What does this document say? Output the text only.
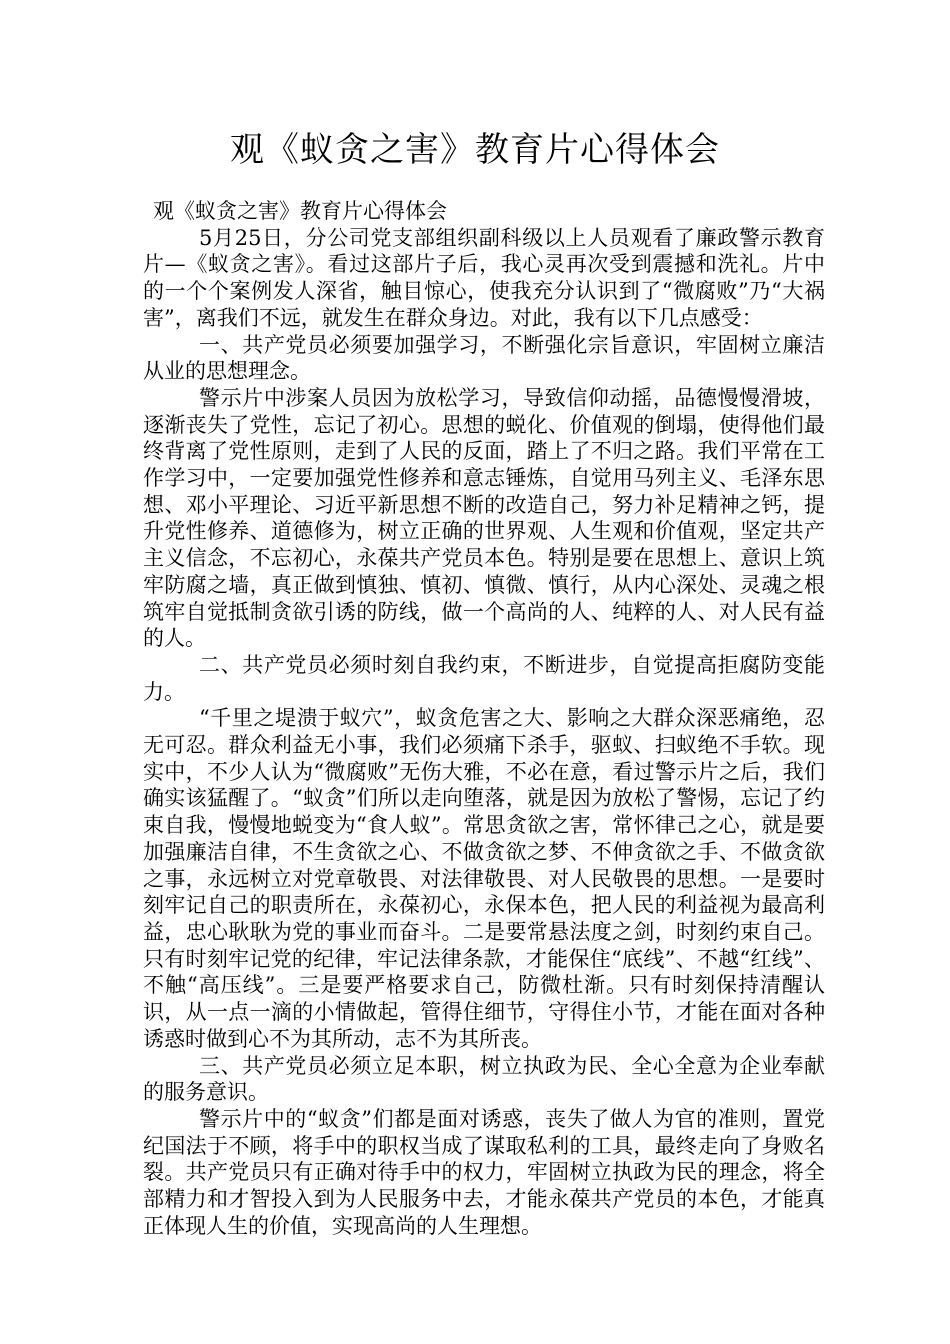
观《蚁贪之害》教育片心得体会

观《蚁贪之害》教育片心得体会

5月25日，分公司党支部组织副科级以上人员观看了廉政警示教育片—《蚁贪之害》。看过这部片子后，我心灵再次受到震撼和洗礼。片中的一个个案例发人深省，触目惊心，使我充分认识到了“微腐败”乃“大祸害”，离我们不远，就发生在群众身边。对此，我有以下几点感受：

一、共产党员必须要加强学习，不断强化宗旨意识，牢固树立廉洁从业的思想理念。

警示片中涉案人员因为放松学习，导致信仰动摇，品德慢慢滑坡，逐渐丧失了党性，忘记了初心。思想的蜕化、价值观的倒塌，使得他们最终背离了党性原则，走到了人民的反面，踏上了不归之路。我们平常在工作学习中，一定要加强党性修养和意志锤炼，自觉用马列主义、毛泽东思想、邓小平理论、习近平新思想不断的改造自己，努力补足精神之钙，提升党性修养、道德修为，树立正确的世界观、人生观和价值观，坚定共产主义信念，不忘初心，永葆共产党员本色。特别是要在思想上、意识上筑牢防腐之墙，真正做到慎独、慎初、慎微、慎行，从内心深处、灵魂之根筑牢自觉抵制贪欲引诱的防线，做一个高尚的人、纯粹的人、对人民有益的人。

二、共产党员必须时刻自我约束，不断进步，自觉提高拒腐防变能力。

“千里之堤溃于蚁穴”，蚁贪危害之大、影响之大群众深恶痛绝，忍无可忍。群众利益无小事，我们必须痛下杀手，驱蚁、扫蚁绝不手软。现实中，不少人认为“微腐败”无伤大雅，不必在意，看过警示片之后，我们确实该猛醒了。“蚁贪”们所以走向堕落，就是因为放松了警惕，忘记了约束自我，慢慢地蜕变为“食人蚁”。常思贪欲之害，常怀律己之心，就是要加强廉洁自律，不生贪欲之心、不做贪欲之梦、不伸贪欲之手、不做贪欲之事，永远树立对党章敬畏、对法律敬畏、对人民敬畏的思想。一是要时刻牢记自己的职责所在，永葆初心，永保本色，把人民的利益视为最高利益，忠心耿耿为党的事业而奋斗。二是要常悬法度之剑，时刻约束自己。只有时刻牢记党的纪律，牢记法律条款，才能保住“底线”、不越“红线”、不触“高压线”。三是要严格要求自己，防微杜渐。只有时刻保持清醒认识，从一点一滴的小情做起，管得住细节，守得住小节，才能在面对各种诱惑时做到心不为其所动，志不为其所丧。

三、共产党员必须立足本职，树立执政为民、全心全意为企业奉献的服务意识。

警示片中的“蚁贪”们都是面对诱惑，丧失了做人为官的准则，置党纪国法于不顾，将手中的职权当成了谋取私利的工具，最终走向了身败名裂。共产党员只有正确对待手中的权力，牢固树立执政为民的理念，将全部精力和才智投入到为人民服务中去，才能永葆共产党员的本色，才能真正体现人生的价值，实现高尚的人生理想。
